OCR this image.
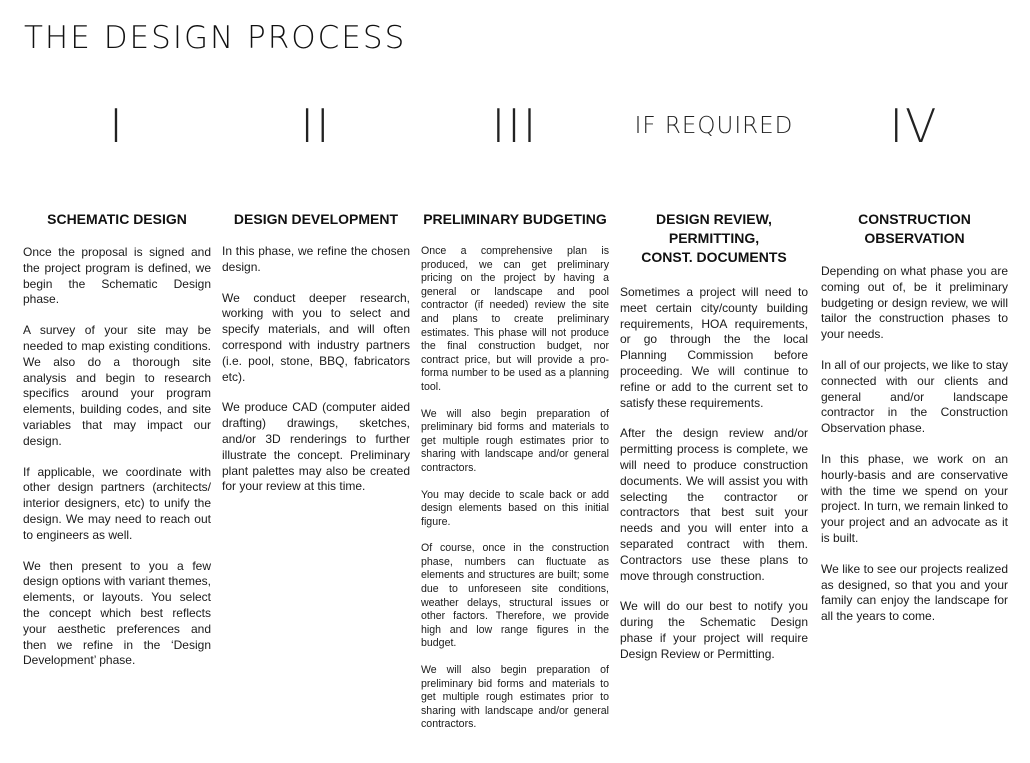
THE DESIGN PROCESS
I	II	III	IF REQUIRED	IV
SCHEMATIC DESIGN

Once the proposal is signed and the project program is defined, we begin the Schematic Design phase.

A survey of your site may be needed to map existing conditions. We also do a thorough site analysis and begin to research specifics around your program elements, building codes, and site variables that may impact our design.

If applicable, we coordinate with other design partners (architects/ interior designers, etc) to unify the design. We may need to reach out to engineers as well.

We then present to you a few design options with variant themes, elements, or layouts. You select the concept which best reflects your aesthetic preferences and then we refine in the ‘Design Development’ phase.

DESIGN DEVELOPMENT

In this phase, we refine the chosen design.

We conduct deeper research, working with you to select and specify materials, and will often correspond with industry partners (i.e. pool, stone, BBQ, fabricators etc).

We produce CAD (computer aided drafting) drawings, sketches, and/or 3D renderings to further illustrate the concept. Preliminary plant palettes may also be created for your review at this time.

PRELIMINARY BUDGETING

Once a comprehensive plan is produced, we can get preliminary pricing on the project by having a general or landscape and pool contractor (if needed) review the site and plans to create preliminary estimates. This phase will not produce the final construction budget, nor contract price, but will provide a pro-forma number to be used as a planning tool.

We will also begin preparation of preliminary bid forms and materials to get multiple rough estimates prior to sharing with landscape and/or general contractors.

You may decide to scale back or add design elements based on this initial figure.

Of course, once in the construction phase, numbers can fluctuate as elements and structures are built; some due to unforeseen site conditions, weather delays, structural issues or other factors. Therefore, we provide high and low range figures in the budget.

We will also begin preparation of preliminary bid forms and materials to get multiple rough estimates prior to sharing with landscape and/or general contractors.

DESIGN REVIEW,
PERMITTING,
CONST. DOCUMENTS

Sometimes a project will need to meet certain city/county building requirements, HOA requirements, or go through the the local Planning Commission before proceeding. We will continue to refine or add to the current set to satisfy these requirements.

After the design review and/or permitting process is complete, we will need to produce construction documents. We will assist you with selecting the contractor or contractors that best suit your needs and you will enter into a separated contract with them. Contractors use these plans to move through construction.

We will do our best to notify you during the Schematic Design phase if your project will require Design Review or Permitting.

CONSTRUCTION
OBSERVATION

Depending on what phase you are coming out of, be it preliminary budgeting or design review, we will tailor the construction phases to your needs.

In all of our projects, we like to stay connected with our clients and general and/or landscape contractor in the Construction Observation phase.

In this phase, we work on an hourly-basis and are conservative with the time we spend on your project. In turn, we remain linked to your project and an advocate as it is built.

We like to see our projects realized as designed, so that you and your family can enjoy the landscape for all the years to come.
